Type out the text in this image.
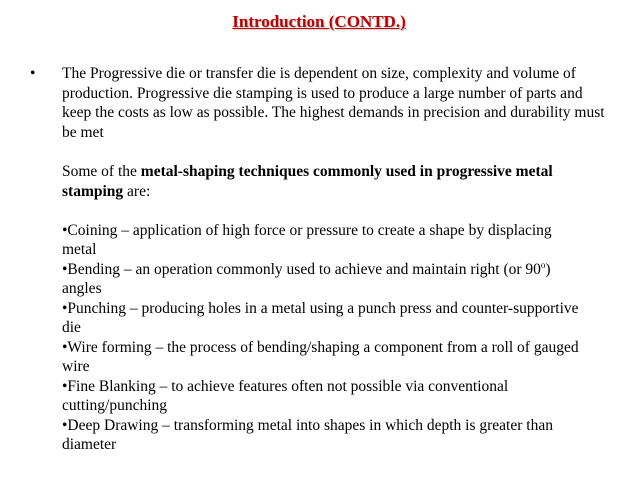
Introduction (CONTD.)
•	The Progressive die or transfer die is dependent on size, complexity and volume of production. Progressive die stamping is used to produce a large number of parts and keep the costs as low as possible. The highest demands in precision and durability must be met

Some of the metal-shaping techniques commonly used in progressive metal stamping are:

•Coining – application of high force or pressure to create a shape by displacing metal

•Bending – an operation commonly used to achieve and maintain right (or 90$^o$) angles

•Punching – producing holes in a metal using a punch press and counter-supportive die

•Wire forming – the process of bending/shaping a component from a roll of gauged wire

•Fine Blanking – to achieve features often not possible via conventional cutting/punching

•Deep Drawing – transforming metal into shapes in which depth is greater than diameter
